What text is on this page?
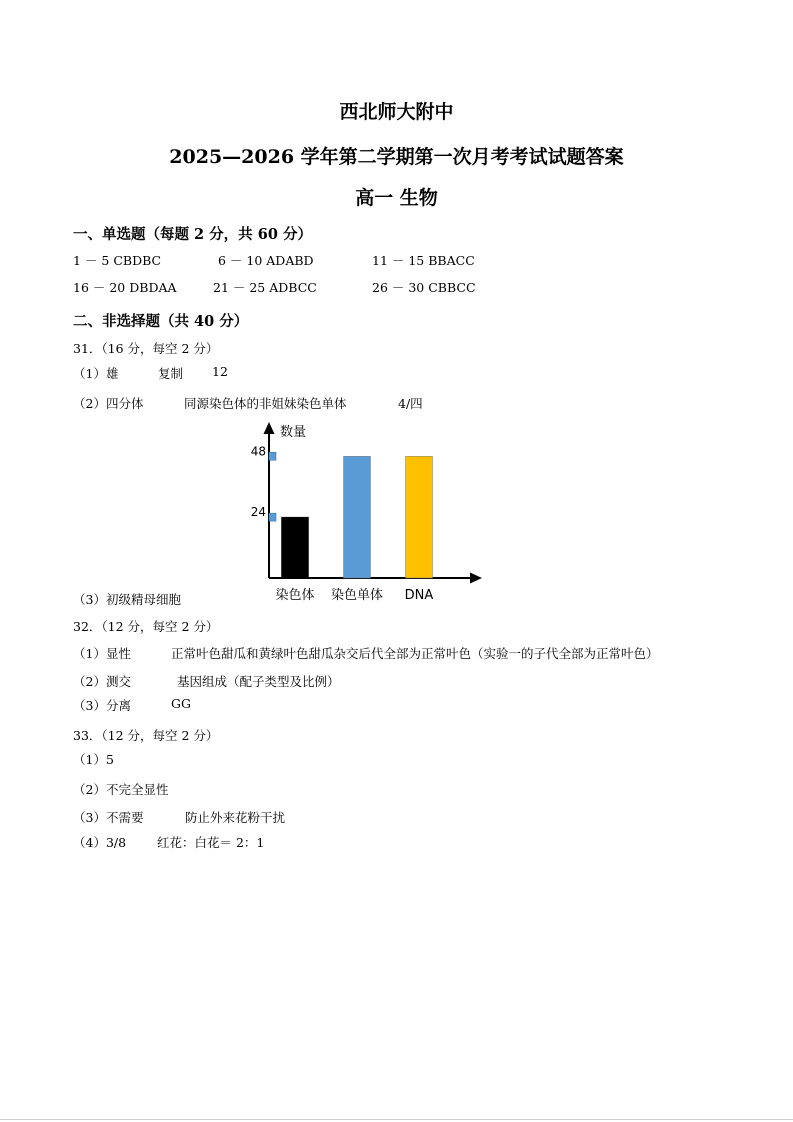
西北师大附中
2025—2026 学年第二学期第一次月考考试试题答案
高一 生物
一、单选题（每题 2 分，共 60 分）
1 － 5 CBDBC	6 － 10 ADABD	11 － 15 BBACC
16 － 20 DBDAA	21 － 25 ADBCC	26 － 30 CBBCC
二、非选择题（共 40 分）
31．（16 分，每空 2 分）
（1）雄	复制 12
（2）四分体	同源染色体的非姐妹染色单体	4/四
数量
24
48
染色体 染色单体 DNA
（3）初级精母细胞
32．（12 分，每空 2 分）
（1）显性	正常叶色甜瓜和黄绿叶色甜瓜杂交后代全部为正常叶色（实验一的子代全部为正常叶色）
（2）测交	基因组成（配子类型及比例）
（3）分离	GG
33．（12 分，每空 2 分）
（1）5
（2）不完全显性
（3）不需要	防止外来花粉干扰
（4）3/8 红花：白花＝ 2：1
